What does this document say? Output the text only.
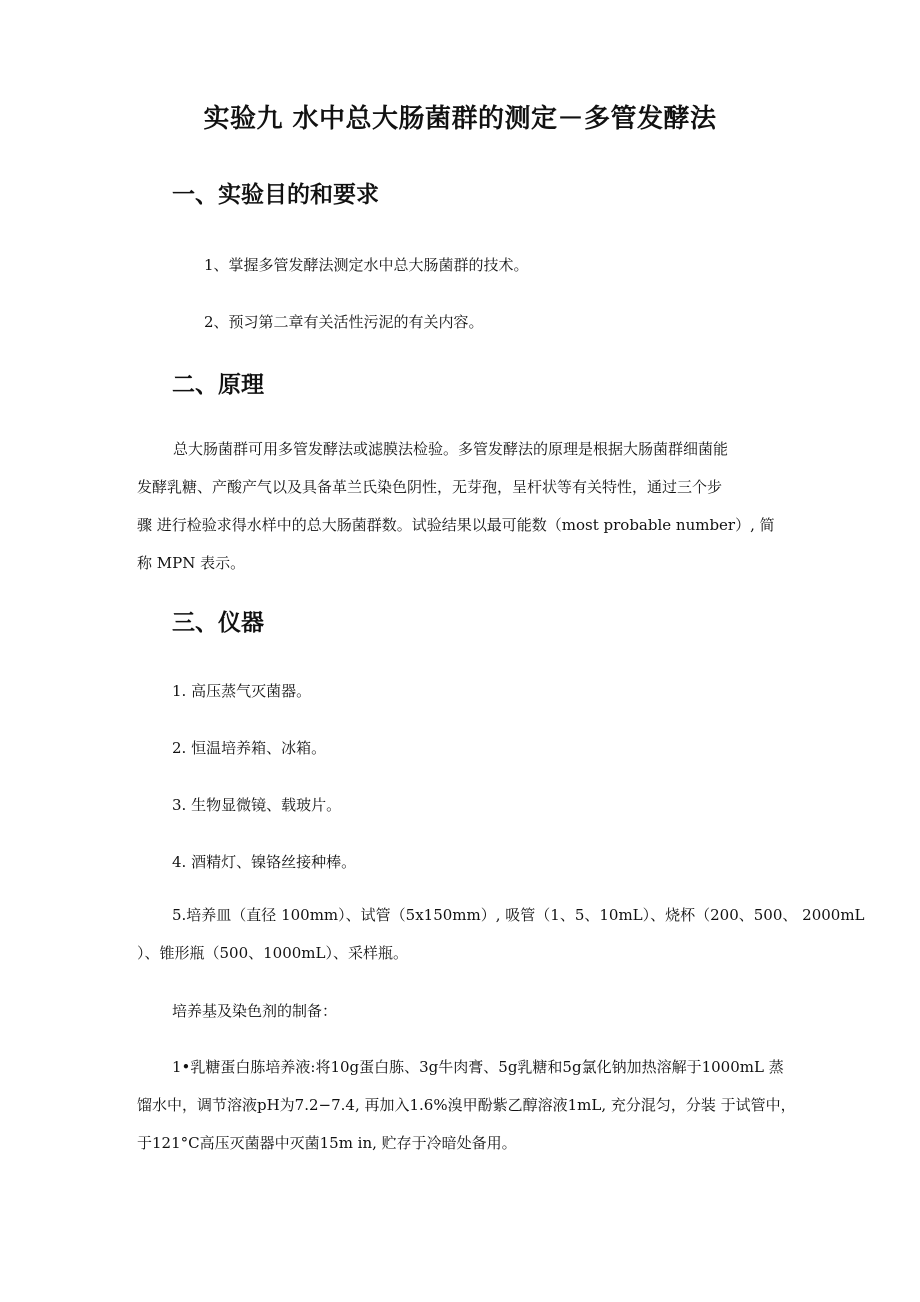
实验九 水中总大肠菌群的测定－多管发酵法
一、实验目的和要求
1、掌握多管发酵法测定水中总大肠菌群的技术。
2、预习第二章有关活性污泥的有关内容。
二、原理
总大肠菌群可用多管发酵法或滤膜法检验。多管发酵法的原理是根据大肠菌群细菌能
发酵乳糖、产酸产气以及具备革兰氏染色阴性，无芽孢，呈杆状等有关特性，通过三个步
骤 进行检验求得水样中的总大肠菌群数。试验结果以最可能数（most probable number）, 简
称 MPN 表示。
三、仪器
1. 高压蒸气灭菌器。
2. 恒温培养箱、冰箱。
3. 生物显微镜、载玻片。
4. 酒精灯、镍铬丝接种棒。
5.培养皿（直径 100mm）、试管（5x150mm）, 吸管（1、5、10mL）、烧杯（200、500、 2000mL
）、锥形瓶（500、1000mL）、采样瓶。
培养基及染色剂的制备：
1•乳糖蛋白胨培养液:将10g蛋白胨、3g牛肉膏、5g乳糖和5g氯化钠加热溶解于1000mL 蒸
馏水中，调节溶液pH为7.2−7.4, 再加入1.6%溴甲酚紫乙醇溶液1mL, 充分混匀，分装 于试管中，
于121°C高压灭菌器中灭菌15m in, 贮存于冷暗处备用。
